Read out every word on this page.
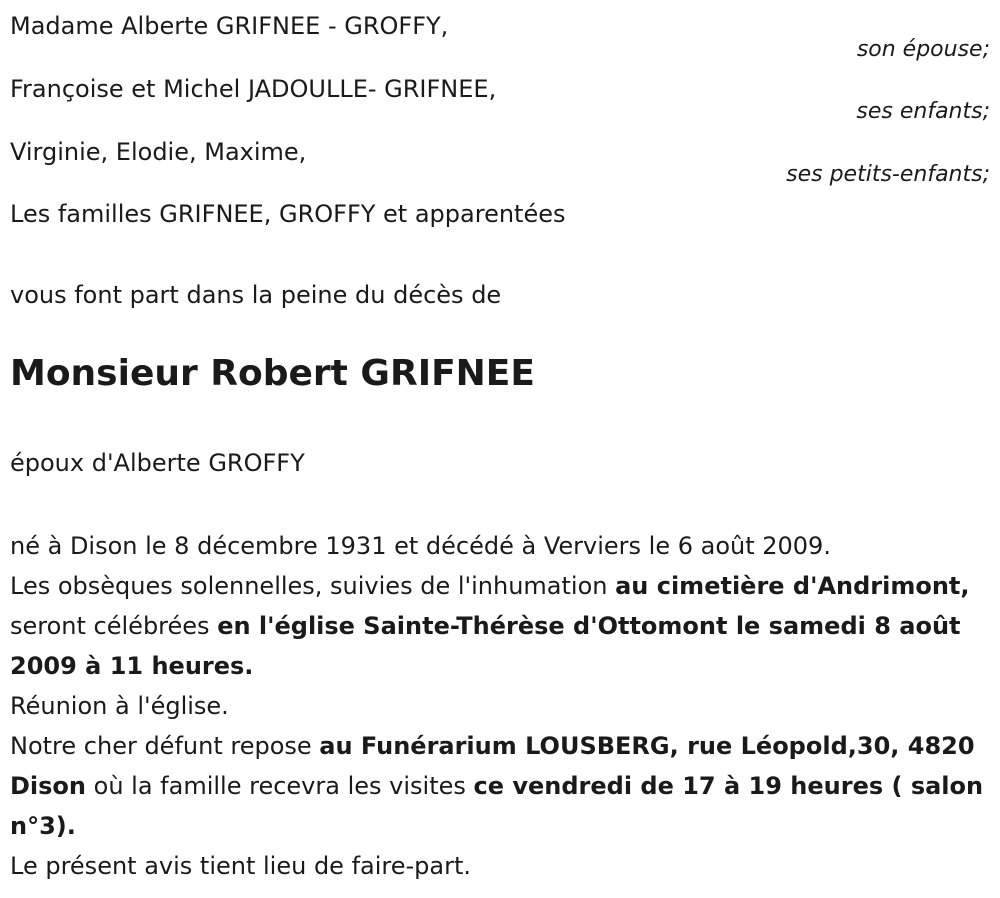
Madame Alberte GRIFNEE - GROFFY,
son épouse;
Françoise et Michel JADOULLE- GRIFNEE,
ses enfants;
Virginie, Elodie, Maxime,
ses petits-enfants;
Les familles GRIFNEE, GROFFY et apparentées
vous font part dans la peine du décès de
Monsieur Robert GRIFNEE
époux d'Alberte GROFFY

né à Dison le 8 décembre 1931 et décédé à Verviers le 6 août 2009.

Les obsèques solennelles, suivies de l'inhumation au cimetière d'Andrimont, seront célébrées en l'église Sainte-Thérèse d'Ottomont le samedi 8 août 2009 à 11 heures.

Réunion à l'église.

Notre cher défunt repose au Funérarium LOUSBERG, rue Léopold,30, 4820 Dison où la famille recevra les visites ce vendredi de 17 à 19 heures ( salon n°3).

Le présent avis tient lieu de faire-part.
